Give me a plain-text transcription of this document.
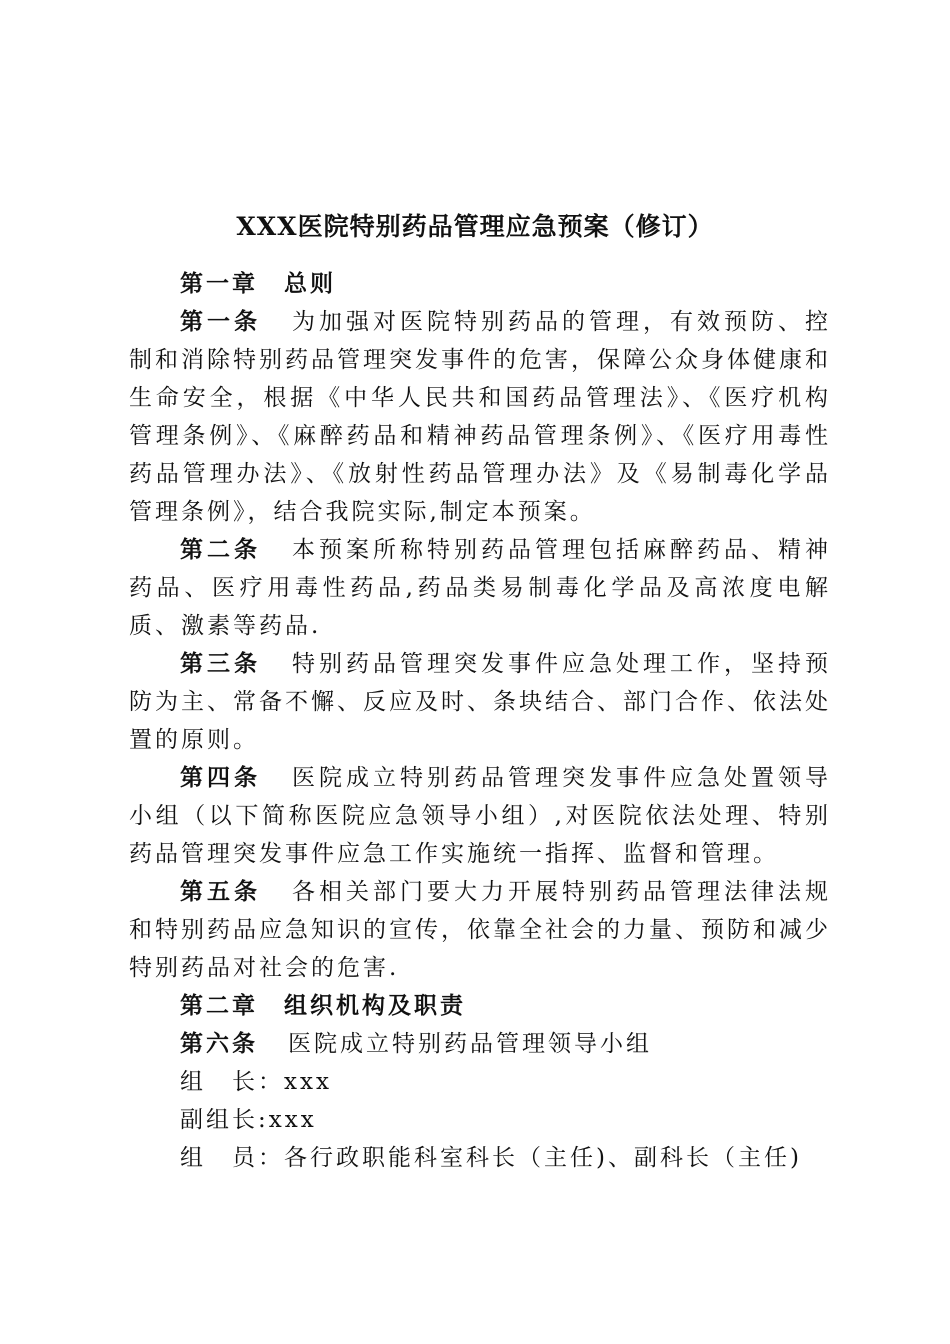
XXX医院特别药品管理应急预案（修订）

第一章 总则

第一条 为加强对医院特别药品的管理，有效预防、控制和消除特别药品管理突发事件的危害，保障公众身体健康和生命安全，根据《中华人民共和国药品管理法》、《医疗机构管理条例》、《麻醉药品和精神药品管理条例》、《医疗用毒性药品管理办法》、《放射性药品管理办法》及《易制毒化学品管理条例》，结合我院实际,制定本预案。

第二条 本预案所称特别药品管理包括麻醉药品、精神药品、医疗用毒性药品,药品类易制毒化学品及高浓度电解质、激素等药品.

第三条 特别药品管理突发事件应急处理工作，坚持预防为主、常备不懈、反应及时、条块结合、部门合作、依法处置的原则。

第四条 医院成立特别药品管理突发事件应急处置领导小组（以下简称医院应急领导小组）,对医院依法处理、特别药品管理突发事件应急工作实施统一指挥、监督和管理。

第五条 各相关部门要大力开展特别药品管理法律法规和特别药品应急知识的宣传，依靠全社会的力量、预防和减少特别药品对社会的危害.

第二章 组织机构及职责

第六条 医院成立特别药品管理领导小组

组　长：xxx

副组长:xxx

组　员：各行政职能科室科长（主任)、副科长（主任)
